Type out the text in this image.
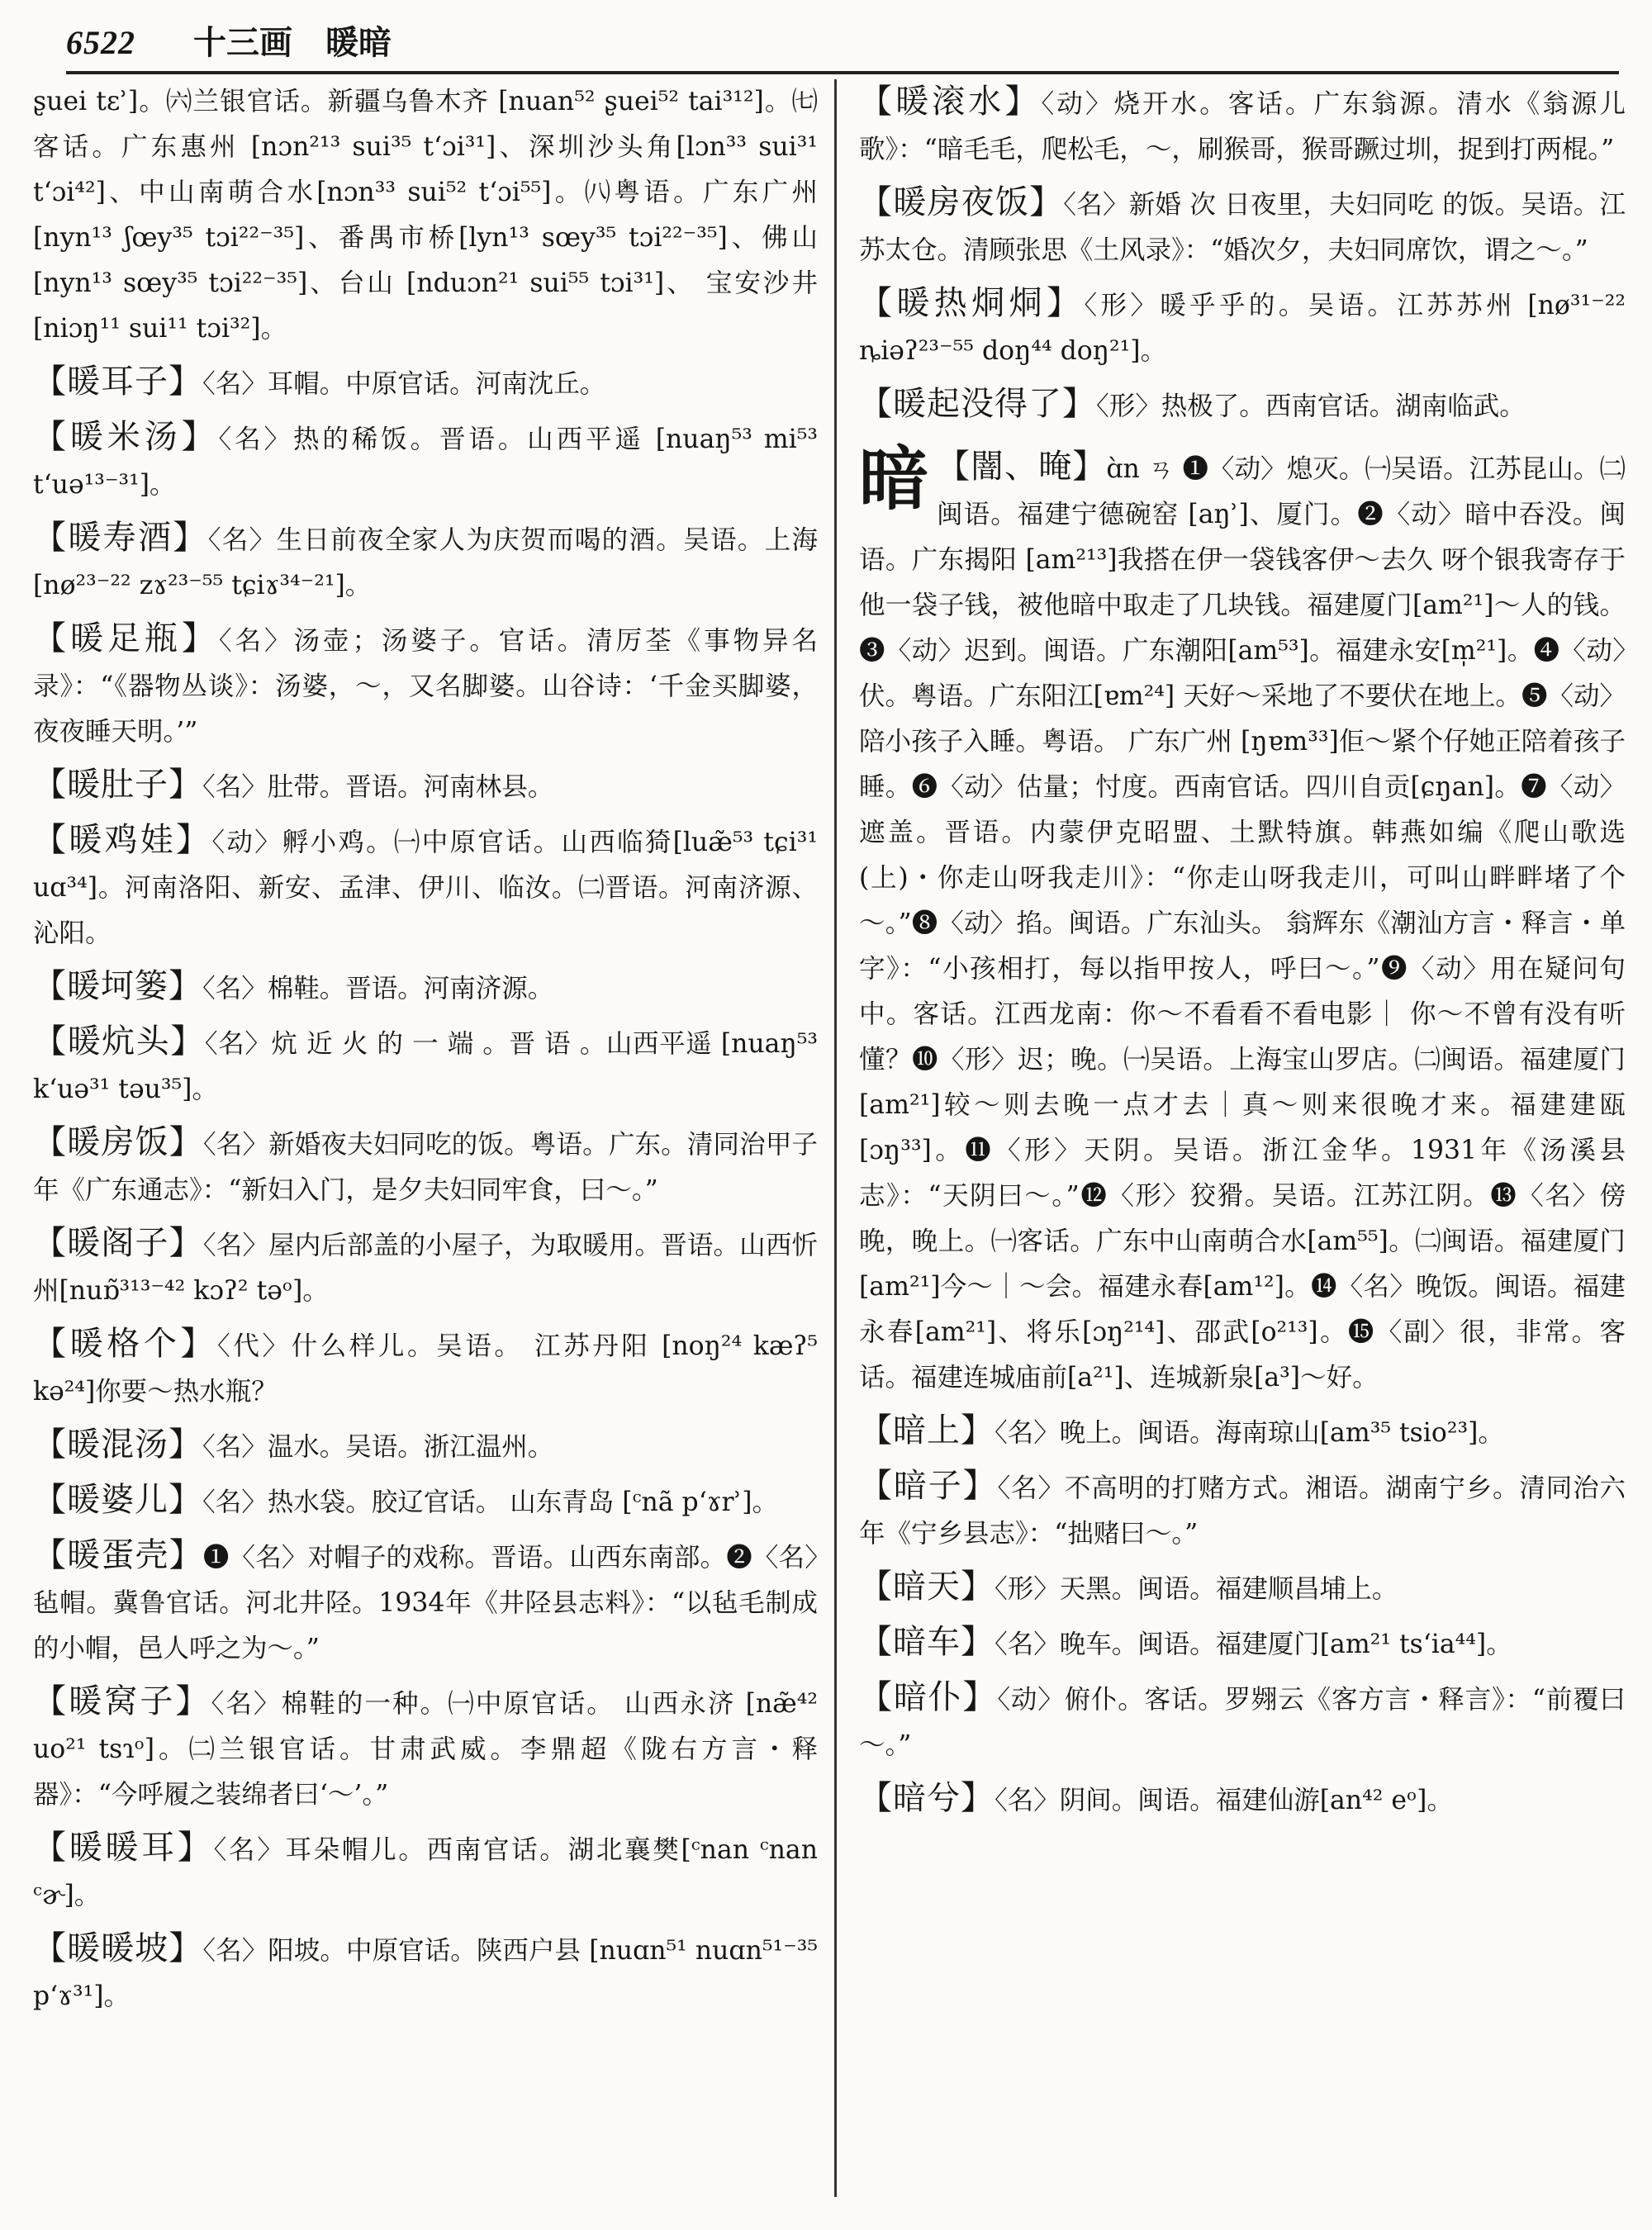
6522 十三画　暖暗

ʂuei tɛʾ]。㈥兰银官话。新疆乌鲁木齐 [nuan⁵² ʂuei⁵² tai³¹²]。㈦客话。广东惠州 [nɔn²¹³ sui³⁵ tʻɔi³¹]、深圳沙头角[lɔn³³ sui³¹ tʻɔi⁴²]、中山南萌合水[nɔn³³ sui⁵² tʻɔi⁵⁵]。㈧粤语。广东广州 [nyn¹³ ʃœy³⁵ tɔi²²⁻³⁵]、番禺市桥[lyn¹³ sœy³⁵ tɔi²²⁻³⁵]、佛山 [nyn¹³ sœy³⁵ tɔi²²⁻³⁵]、台山 [nduɔn²¹ sui⁵⁵ tɔi³¹]、 宝安沙井[niɔŋ¹¹ sui¹¹ tɔi³²]。

【暖耳子】〈名〉耳帽。中原官话。河南沈丘。

【暖米汤】〈名〉热的稀饭。晋语。山西平遥 [nuaŋ⁵³ mi⁵³ tʻuə¹³⁻³¹]。

【暖寿酒】〈名〉生日前夜全家人为庆贺而喝的酒。吴语。上海[nø²³⁻²² zɤ²³⁻⁵⁵ tɕiɤ³⁴⁻²¹]。

【暖足瓶】〈名〉汤壶；汤婆子。官话。清厉荃《事物异名录》：“《器物丛谈》：汤婆，～，又名脚婆。山谷诗：‘千金买脚婆，夜夜睡天明。’”

【暖肚子】〈名〉肚带。晋语。河南林县。

【暖鸡娃】〈动〉孵小鸡。㈠中原官话。山西临猗[luæ̃⁵³ tɕi³¹ uɑ³⁴]。河南洛阳、新安、孟津、伊川、临汝。㈡晋语。河南济源、沁阳。

【暖坷篓】〈名〉棉鞋。晋语。河南济源。

【暖炕头】〈名〉炕 近 火 的 一 端 。晋 语 。山西平遥 [nuaŋ⁵³ kʻuə³¹ təu³⁵]。

【暖房饭】〈名〉新婚夜夫妇同吃的饭。粤语。广东。清同治甲子年《广东通志》：“新妇入门，是夕夫妇同牢食，曰～。”

【暖阁子】〈名〉屋内后部盖的小屋子，为取暖用。晋语。山西忻州[nuɒ̃³¹³⁻⁴² kɔʔ² təᵒ]。

【暖格个】〈代〉什么样儿。吴语。 江苏丹阳 [noŋ²⁴ kæʔ⁵ kə²⁴]你要～热水瓶？

【暖混汤】〈名〉温水。吴语。浙江温州。

【暖婆儿】〈名〉热水袋。胶辽官话。 山东青岛 [ᶜnã pʻɤrʾ]。

【暖蛋壳】❶〈名〉对帽子的戏称。晋语。山西东南部。❷〈名〉毡帽。冀鲁官话。河北井陉。1934年《井陉县志料》：“以毡毛制成的小帽，邑人呼之为～。”

【暖窝子】〈名〉棉鞋的一种。㈠中原官话。 山西永济 [næ̃⁴² uo²¹ tsɿᵒ]。㈡兰银官话。甘肃武威。李鼎超《陇右方言・释器》：“今呼履之装绵者曰‘～’。”

【暖暖耳】〈名〉耳朵帽儿。西南官话。湖北襄樊[ᶜnan ᶜnan ᶜɚ]。

【暖暖坡】〈名〉阳坡。中原官话。陕西户县 [nuɑn⁵¹ nuɑn⁵¹⁻³⁵ pʻɤ³¹]。

【暖滚水】〈动〉烧开水。客话。广东翁源。清水《翁源儿歌》：“暗毛毛，爬松毛，～，刷猴哥，猴哥蹶过圳，捉到打两棍。”

【暖房夜饭】〈名〉新婚 次 日夜里，夫妇同吃 的饭。吴语。江苏太仓。清顾张思《土风录》：“婚次夕，夫妇同席饮，谓之～。”

【暖热烔烔】〈形〉暖乎乎的。吴语。江苏苏州 [nø³¹⁻²² ȵiəʔ²³⁻⁵⁵ doŋ⁴⁴ doŋ²¹]。

【暖起没得了】〈形〉热极了。西南官话。湖南临武。

暗 【闇、晻】ɑ̀n ㄢ ❶〈动〉熄灭。㈠吴语。江苏昆山。㈡闽语。福建宁德碗窑 [aŋʾ]、厦门。❷〈动〉暗中吞没。闽语。广东揭阳 [am²¹³]我搭在伊一袋钱客伊～去久 呀个银我寄存于他一袋子钱，被他暗中取走了几块钱。福建厦门[am²¹]～人的钱。❸〈动〉迟到。闽语。广东潮阳[am⁵³]。福建永安[m̩²¹]。❹〈动〉伏。粤语。广东阳江[ɐm²⁴] 天好～采地了不要伏在地上。❺〈动〉陪小孩子入睡。粤语。 广东广州 [ŋɐm³³]佢～紧个仔她正陪着孩子睡。❻〈动〉估量；忖度。西南官话。四川自贡[ɕŋan]。❼〈动〉遮盖。晋语。内蒙伊克昭盟、土默特旗。韩燕如编《爬山歌选(上)・你走山呀我走川》：“你走山呀我走川，可叫山畔畔堵了个～。”❽〈动〉掐。闽语。广东汕头。 翁辉东《潮汕方言・释言・单字》：“小孩相打，每以指甲按人，呼曰～。”❾〈动〉用在疑问句中。客话。江西龙南：你～不看看不看电影｜ 你～不曾有没有听懂？❿〈形〉迟；晚。㈠吴语。上海宝山罗店。㈡闽语。福建厦门[am²¹]较～则去晚一点才去｜真～则来很晚才来。福建建瓯[ɔŋ³³]。⓫〈形〉天阴。吴语。浙江金华。1931年《汤溪县志》：“天阴曰～。”⓬〈形〉狡猾。吴语。江苏江阴。⓭〈名〉傍晚，晚上。㈠客话。广东中山南萌合水[am⁵⁵]。㈡闽语。福建厦门[am²¹]今～｜～会。福建永春[am¹²]。⓮〈名〉晚饭。闽语。福建永春[am²¹]、将乐[ɔŋ²¹⁴]、邵武[o²¹³]。⓯〈副〉很，非常。客话。福建连城庙前[a²¹]、连城新泉[a³]～好。

【暗上】〈名〉晚上。闽语。海南琼山[am³⁵ tsio²³]。

【暗子】〈名〉不高明的打赌方式。湘语。湖南宁乡。清同治六年《宁乡县志》：“拙赌曰～。”

【暗天】〈形〉天黑。闽语。福建顺昌埔上。

【暗车】〈名〉晚车。闽语。福建厦门[am²¹ tsʻia⁴⁴]。

【暗仆】〈动〉俯仆。客话。罗翙云《客方言・释言》：“前覆曰～。”

【暗兮】〈名〉阴间。闽语。福建仙游[an⁴² eᵒ]。
